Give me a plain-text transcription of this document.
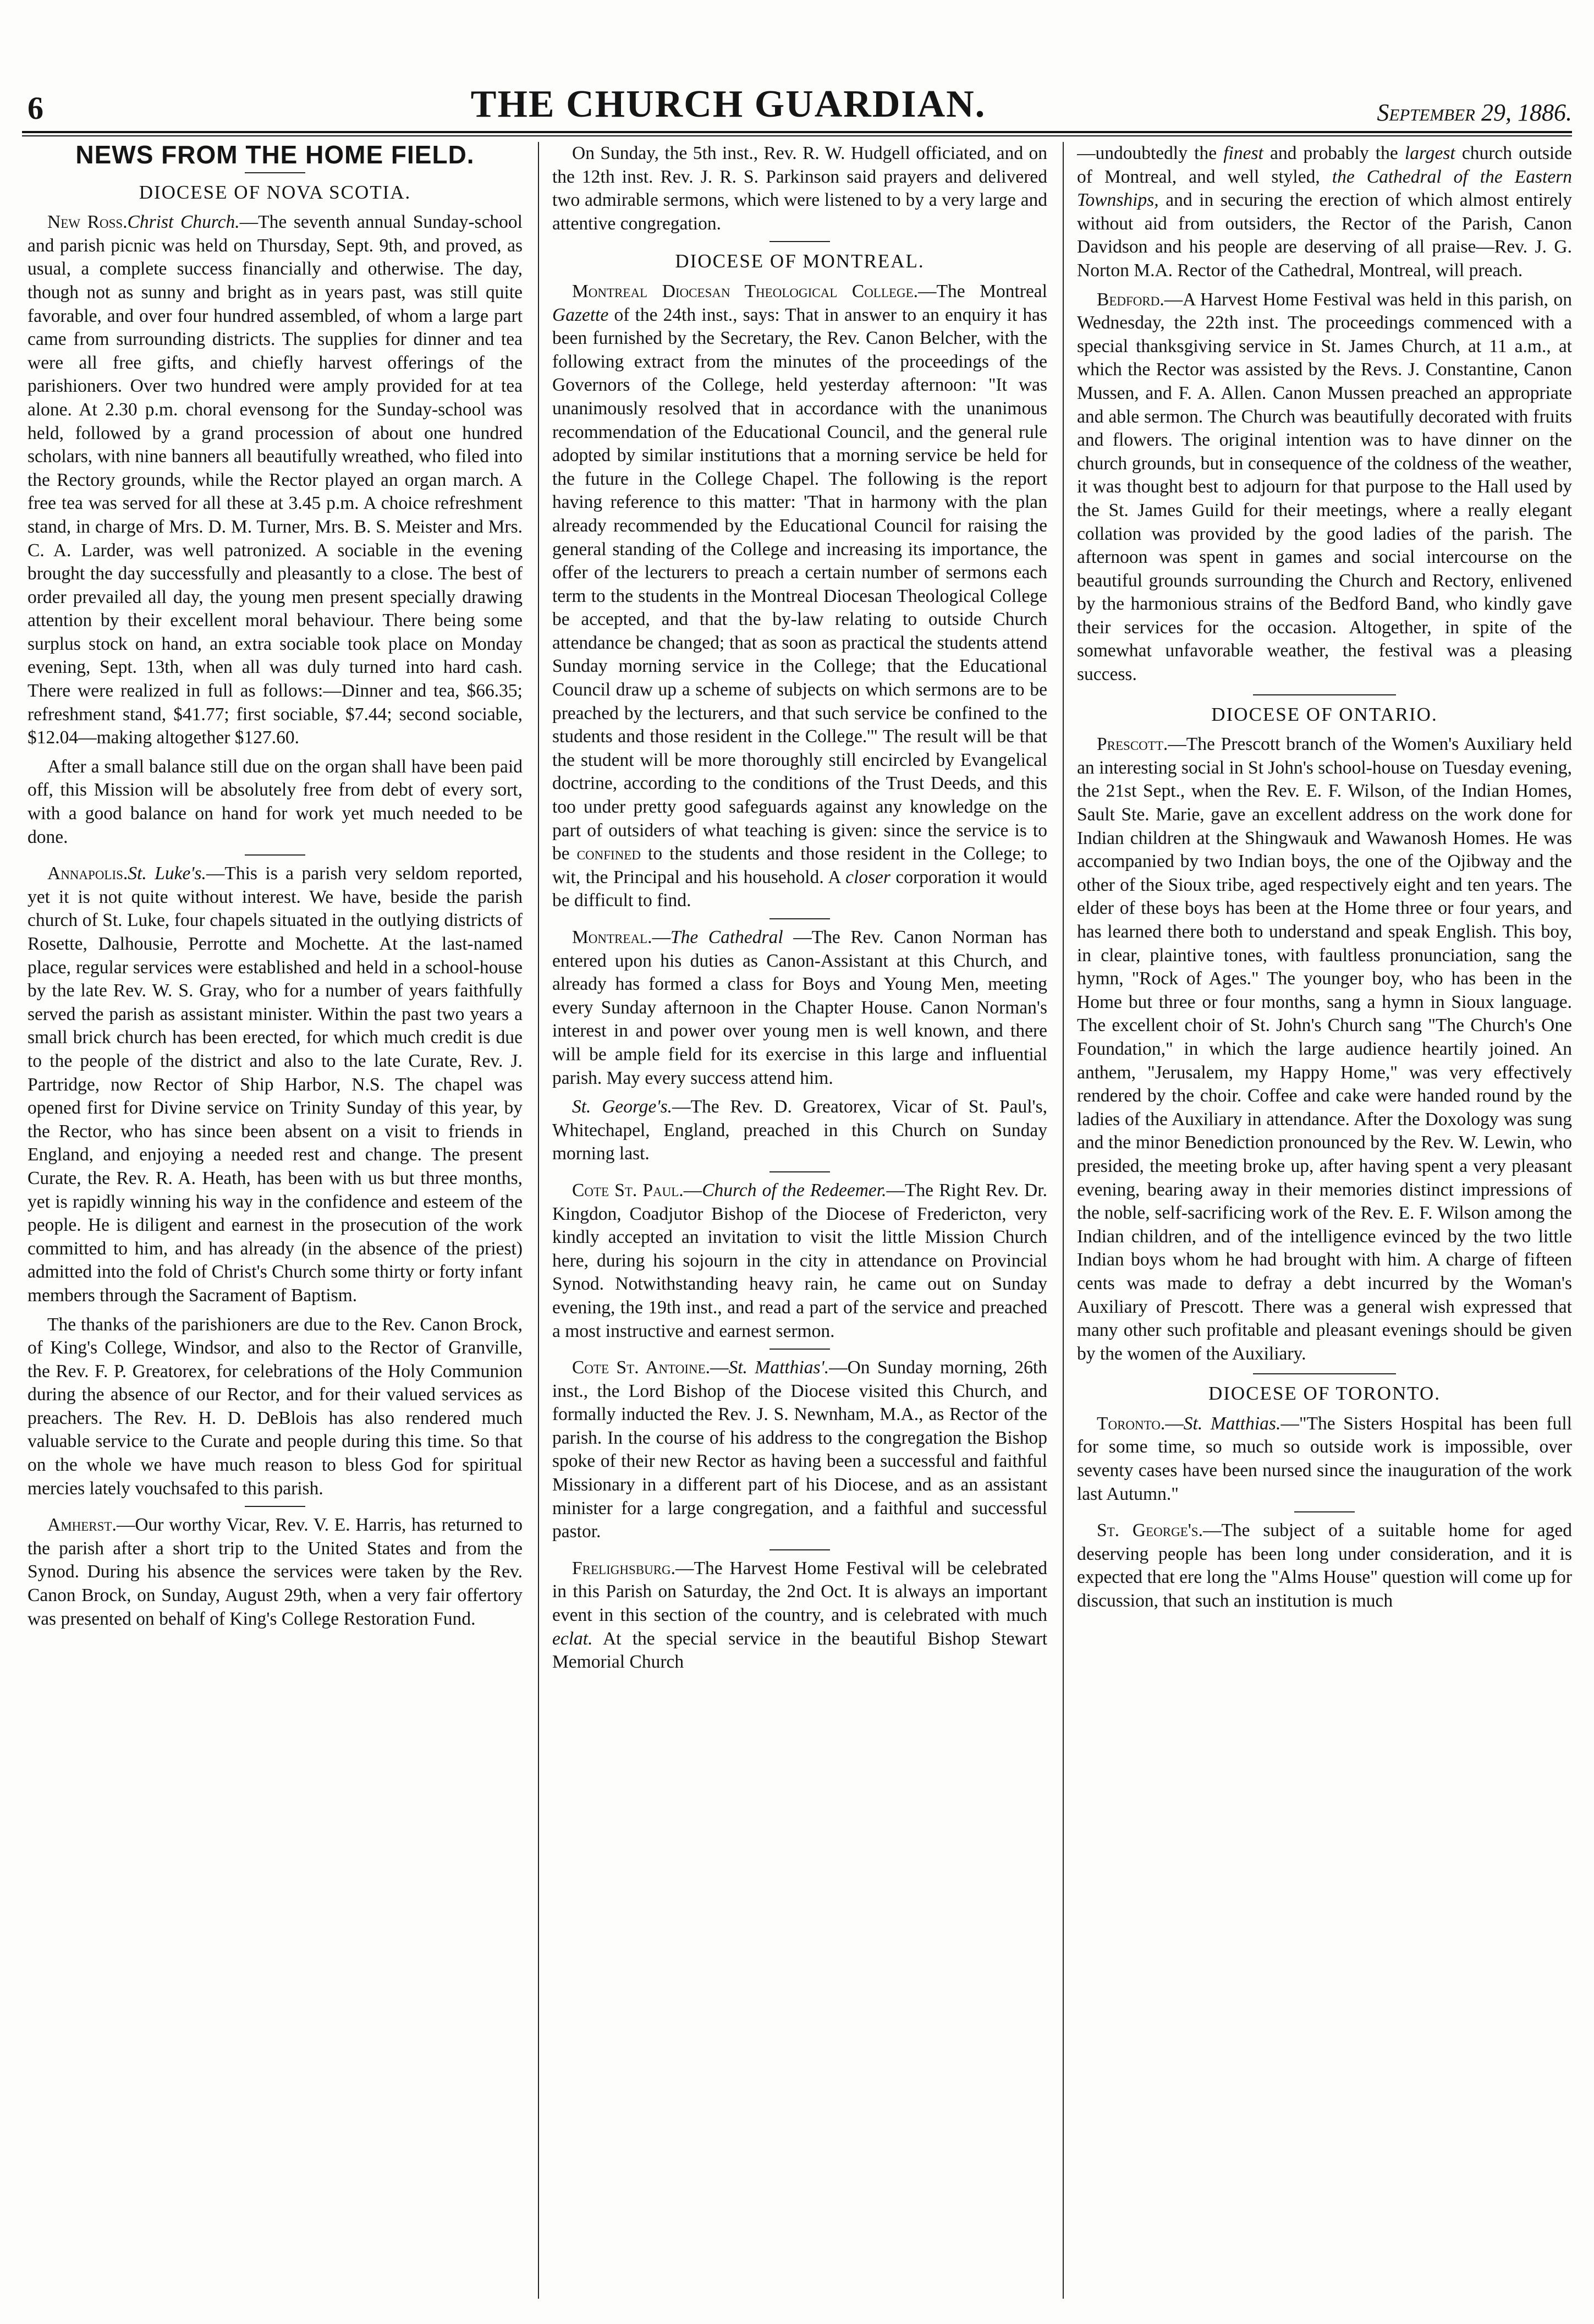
6	THE CHURCH GUARDIAN.	September 29, 1886.
NEWS FROM THE HOME FIELD.
DIOCESE OF NOVA SCOTIA.

New Ross.Christ Church.—The seventh annual Sunday-school and parish picnic was held on Thursday, Sept. 9th, and proved, as usual, a complete success financially and otherwise. The day, though not as sunny and bright as in years past, was still quite favorable, and over four hundred assembled, of whom a large part came from surrounding districts. The supplies for dinner and tea were all free gifts, and chiefly harvest offerings of the parishioners. Over two hundred were amply provided for at tea alone. At 2.30 p.m. choral evensong for the Sunday-school was held, followed by a grand procession of about one hundred scholars, with nine banners all beautifully wreathed, who filed into the Rectory grounds, while the Rector played an organ march. A free tea was served for all these at 3.45 p.m. A choice refreshment stand, in charge of Mrs. D. M. Turner, Mrs. B. S. Meister and Mrs. C. A. Larder, was well patronized. A sociable in the evening brought the day successfully and pleasantly to a close. The best of order prevailed all day, the young men present specially drawing attention by their excellent moral behaviour. There being some surplus stock on hand, an extra sociable took place on Monday evening, Sept. 13th, when all was duly turned into hard cash. There were realized in full as follows:—Dinner and tea, $66.35; refreshment stand, $41.77; first sociable, $7.44; second sociable, $12.04—making altogether $127.60.

After a small balance still due on the organ shall have been paid off, this Mission will be absolutely free from debt of every sort, with a good balance on hand for work yet much needed to be done.

Annapolis.St. Luke's.—This is a parish very seldom reported, yet it is not quite without interest. We have, beside the parish church of St. Luke, four chapels situated in the outlying districts of Rosette, Dalhousie, Perrotte and Mochette. At the last-named place, regular services were established and held in a school-house by the late Rev. W. S. Gray, who for a number of years faithfully served the parish as assistant minister. Within the past two years a small brick church has been erected, for which much credit is due to the people of the district and also to the late Curate, Rev. J. Partridge, now Rector of Ship Harbor, N.S. The chapel was opened first for Divine service on Trinity Sunday of this year, by the Rector, who has since been absent on a visit to friends in England, and enjoying a needed rest and change. The present Curate, the Rev. R. A. Heath, has been with us but three months, yet is rapidly winning his way in the confidence and esteem of the people. He is diligent and earnest in the prosecution of the work committed to him, and has already (in the absence of the priest) admitted into the fold of Christ's Church some thirty or forty infant members through the Sacrament of Baptism.

The thanks of the parishioners are due to the Rev. Canon Brock, of King's College, Windsor, and also to the Rector of Granville, the Rev. F. P. Greatorex, for celebrations of the Holy Communion during the absence of our Rector, and for their valued services as preachers. The Rev. H. D. DeBlois has also rendered much valuable service to the Curate and people during this time. So that on the whole we have much reason to bless God for spiritual mercies lately vouchsafed to this parish.

Amherst.—Our worthy Vicar, Rev. V. E. Harris, has returned to the parish after a short trip to the United States and from the Synod. During his absence the services were taken by the Rev. Canon Brock, on Sunday, August 29th, when a very fair offertory was presented on behalf of King's College Restoration Fund.

On Sunday, the 5th inst., Rev. R. W. Hudgell officiated, and on the 12th inst. Rev. J. R. S. Parkinson said prayers and delivered two admirable sermons, which were listened to by a very large and attentive congregation.

DIOCESE OF MONTREAL.

Montreal Diocesan Theological College.—The Montreal Gazette of the 24th inst., says: That in answer to an enquiry it has been furnished by the Secretary, the Rev. Canon Belcher, with the following extract from the minutes of the proceedings of the Governors of the College, held yesterday afternoon: "It was unanimously resolved that in accordance with the unanimous recommendation of the Educational Council, and the general rule adopted by similar institutions that a morning service be held for the future in the College Chapel. The following is the report having reference to this matter: 'That in harmony with the plan already recommended by the Educational Council for raising the general standing of the College and increasing its importance, the offer of the lecturers to preach a certain number of sermons each term to the students in the Montreal Diocesan Theological College be accepted, and that the by-law relating to outside Church attendance be changed; that as soon as practical the students attend Sunday morning service in the College; that the Educational Council draw up a scheme of subjects on which sermons are to be preached by the lecturers, and that such service be confined to the students and those resident in the College.'" The result will be that the student will be more thoroughly still encircled by Evangelical doctrine, according to the conditions of the Trust Deeds, and this too under pretty good safeguards against any knowledge on the part of outsiders of what teaching is given: since the service is to be confined to the students and those resident in the College; to wit, the Principal and his household. A closer corporation it would be difficult to find.

Montreal.—The Cathedral —The Rev. Canon Norman has entered upon his duties as Canon-Assistant at this Church, and already has formed a class for Boys and Young Men, meeting every Sunday afternoon in the Chapter House. Canon Norman's interest in and power over young men is well known, and there will be ample field for its exercise in this large and influential parish. May every success attend him.

St. George's.—The Rev. D. Greatorex, Vicar of St. Paul's, Whitechapel, England, preached in this Church on Sunday morning last.

Cote St. Paul.—Church of the Redeemer.—The Right Rev. Dr. Kingdon, Coadjutor Bishop of the Diocese of Fredericton, very kindly accepted an invitation to visit the little Mission Church here, during his sojourn in the city in attendance on Provincial Synod. Notwithstanding heavy rain, he came out on Sunday evening, the 19th inst., and read a part of the service and preached a most instructive and earnest sermon.

Cote St. Antoine.—St. Matthias'.—On Sunday morning, 26th inst., the Lord Bishop of the Diocese visited this Church, and formally inducted the Rev. J. S. Newnham, M.A., as Rector of the parish. In the course of his address to the congregation the Bishop spoke of their new Rector as having been a successful and faithful Missionary in a different part of his Diocese, and as an assistant minister for a large congregation, and a faithful and successful pastor.

Frelighsburg.—The Harvest Home Festival will be celebrated in this Parish on Saturday, the 2nd Oct. It is always an important event in this section of the country, and is celebrated with much eclat. At the special service in the beautiful Bishop Stewart Memorial Church

—undoubtedly the finest and probably the largest church outside of Montreal, and well styled, the Cathedral of the Eastern Townships, and in securing the erection of which almost entirely without aid from outsiders, the Rector of the Parish, Canon Davidson and his people are deserving of all praise—Rev. J. G. Norton M.A. Rector of the Cathedral, Montreal, will preach.

Bedford.—A Harvest Home Festival was held in this parish, on Wednesday, the 22th inst. The proceedings commenced with a special thanksgiving service in St. James Church, at 11 a.m., at which the Rector was assisted by the Revs. J. Constantine, Canon Mussen, and F. A. Allen. Canon Mussen preached an appropriate and able sermon. The Church was beautifully decorated with fruits and flowers. The original intention was to have dinner on the church grounds, but in consequence of the coldness of the weather, it was thought best to adjourn for that purpose to the Hall used by the St. James Guild for their meetings, where a really elegant collation was provided by the good ladies of the parish. The afternoon was spent in games and social intercourse on the beautiful grounds surrounding the Church and Rectory, enlivened by the harmonious strains of the Bedford Band, who kindly gave their services for the occasion. Altogether, in spite of the somewhat unfavorable weather, the festival was a pleasing success.

DIOCESE OF ONTARIO.

Prescott.—The Prescott branch of the Women's Auxiliary held an interesting social in St John's school-house on Tuesday evening, the 21st Sept., when the Rev. E. F. Wilson, of the Indian Homes, Sault Ste. Marie, gave an excellent address on the work done for Indian children at the Shingwauk and Wawanosh Homes. He was accompanied by two Indian boys, the one of the Ojibway and the other of the Sioux tribe, aged respectively eight and ten years. The elder of these boys has been at the Home three or four years, and has learned there both to understand and speak English. This boy, in clear, plaintive tones, with faultless pronunciation, sang the hymn, "Rock of Ages." The younger boy, who has been in the Home but three or four months, sang a hymn in Sioux language. The excellent choir of St. John's Church sang "The Church's One Foundation," in which the large audience heartily joined. An anthem, "Jerusalem, my Happy Home," was very effectively rendered by the choir. Coffee and cake were handed round by the ladies of the Auxiliary in attendance. After the Doxology was sung and the minor Benediction pronounced by the Rev. W. Lewin, who presided, the meeting broke up, after having spent a very pleasant evening, bearing away in their memories distinct impressions of the noble, self-sacrificing work of the Rev. E. F. Wilson among the Indian children, and of the intelligence evinced by the two little Indian boys whom he had brought with him. A charge of fifteen cents was made to defray a debt incurred by the Woman's Auxiliary of Prescott. There was a general wish expressed that many other such profitable and pleasant evenings should be given by the women of the Auxiliary.

DIOCESE OF TORONTO.

Toronto.—St. Matthias.—"The Sisters Hospital has been full for some time, so much so outside work is impossible, over seventy cases have been nursed since the inauguration of the work last Autumn."

St. George's.—The subject of a suitable home for aged deserving people has been long under consideration, and it is expected that ere long the "Alms House" question will come up for discussion, that such an institution is much
